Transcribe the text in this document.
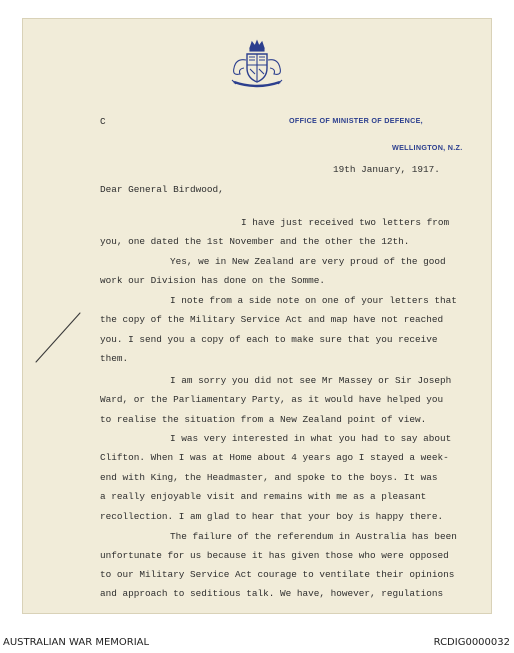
OFFICE OF MINISTER OF DEFENCE,
WELLINGTON, N.Z.
C
19th January, 1917.
Dear General Birdwood,
I have just received two letters from
you, one dated the 1st November and the other the 12th.
Yes, we in New Zealand are very proud of the good
work our Division has done on the Somme.
I note from a side note on one of your letters that
the copy of the Military Service Act and map have not reached
you. I send you a copy of each to make sure that you receive
them.
I am sorry you did not see Mr Massey or Sir Joseph
Ward, or the Parliamentary Party, as it would have helped you
to realise the situation from a New Zealand point of view.
I was very interested in what you had to say about
Clifton. When I was at Home about 4 years ago I stayed a week-
end with King, the Headmaster, and spoke to the boys. It was
a really enjoyable visit and remains with me as a pleasant
recollection. I am glad to hear that your boy is happy there.
The failure of the referendum in Australia has been
unfortunate for us because it has given those who were opposed
to our Military Service Act courage to ventilate their opinions
and approach to seditious talk. We have, however, regulations
AUSTRALIAN WAR MEMORIAL	RCDIG0000032
